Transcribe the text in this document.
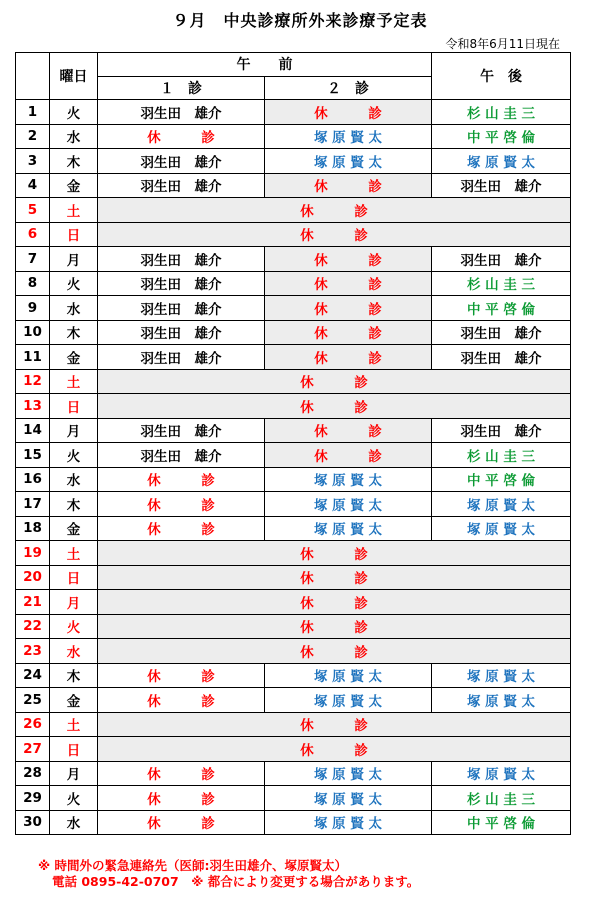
９月　中央診療所外来診療予定表
令和8年6月11日現在
	曜日	午　　前		午　後
		１　診	２　診	
1	火	羽生田　雄介	休　　　診	杉 山 圭 三
2	水	休　　　診	塚 原 賢 太	中 平 啓 倫
3	木	羽生田　雄介	塚 原 賢 太	塚 原 賢 太
4	金	羽生田　雄介	休　　　診	羽生田　雄介
5	土	休　　　診		
6	日	休　　　診		
7	月	羽生田　雄介	休　　　診	羽生田　雄介
8	火	羽生田　雄介	休　　　診	杉 山 圭 三
9	水	羽生田　雄介	休　　　診	中 平 啓 倫
10	木	羽生田　雄介	休　　　診	羽生田　雄介
11	金	羽生田　雄介	休　　　診	羽生田　雄介
12	土	休　　　診		
13	日	休　　　診		
14	月	羽生田　雄介	休　　　診	羽生田　雄介
15	火	羽生田　雄介	休　　　診	杉 山 圭 三
16	水	休　　　診	塚 原 賢 太	中 平 啓 倫
17	木	休　　　診	塚 原 賢 太	塚 原 賢 太
18	金	休　　　診	塚 原 賢 太	塚 原 賢 太
19	土	休　　　診		
20	日	休　　　診		
21	月	休　　　診		
22	火	休　　　診		
23	水	休　　　診		
24	木	休　　　診	塚 原 賢 太	塚 原 賢 太
25	金	休　　　診	塚 原 賢 太	塚 原 賢 太
26	土	休　　　診		
27	日	休　　　診		
28	月	休　　　診	塚 原 賢 太	塚 原 賢 太
29	火	休　　　診	塚 原 賢 太	杉 山 圭 三
30	水	休　　　診	塚 原 賢 太	中 平 啓 倫
※ 時間外の緊急連絡先（医師:羽生田雄介、塚原賢太）
電話 0895-42-0707　※ 都合により変更する場合があります。
